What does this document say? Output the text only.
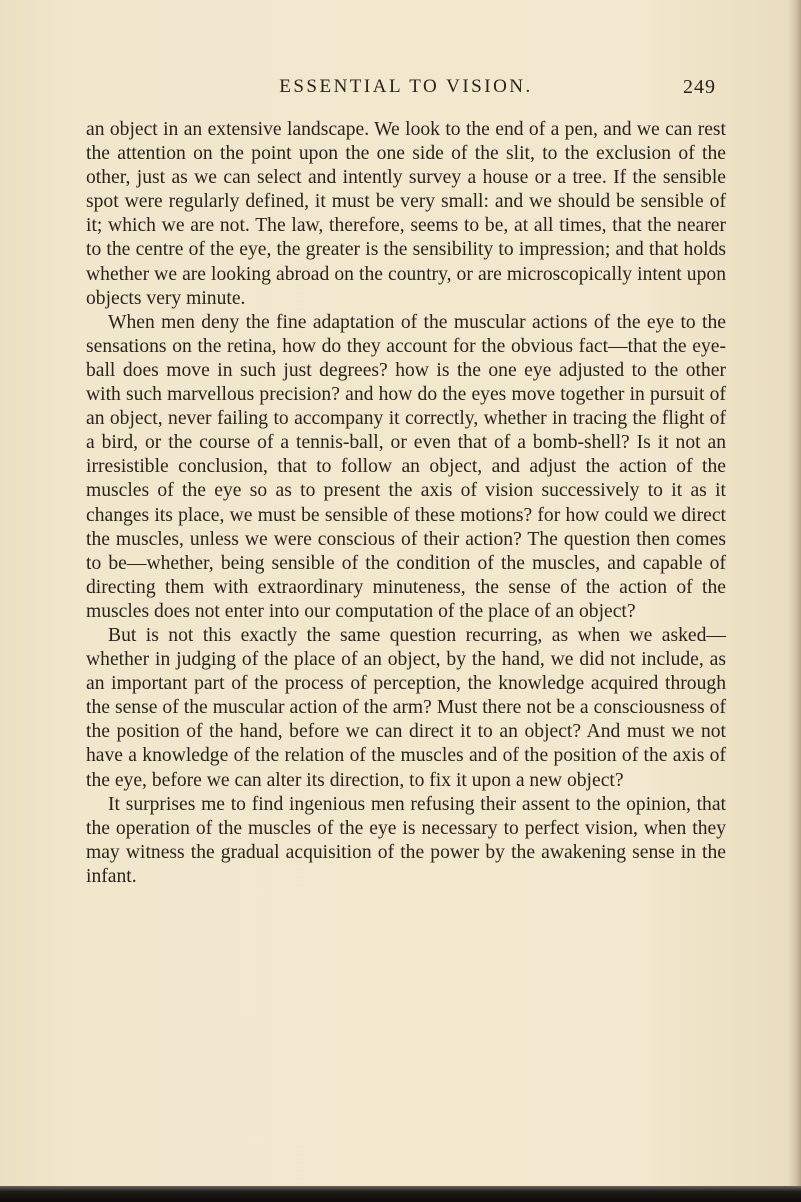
ESSENTIAL TO VISION.	249

an object in an extensive landscape. We look to the end of a pen, and we can rest the attention on the point upon the one side of the slit, to the exclusion of the other, just as we can select and intently survey a house or a tree. If the sensible spot were regularly defined, it must be very small: and we should be sensible of it; which we are not. The law, therefore, seems to be, at all times, that the nearer to the centre of the eye, the greater is the sensibility to impression; and that holds whether we are looking abroad on the country, or are microscopically intent upon objects very minute.

When men deny the fine adaptation of the muscular actions of the eye to the sensations on the retina, how do they account for the obvious fact—that the eye-ball does move in such just degrees? how is the one eye adjusted to the other with such marvellous precision? and how do the eyes move together in pursuit of an object, never failing to accompany it correctly, whether in tracing the flight of a bird, or the course of a tennis-ball, or even that of a bomb-shell? Is it not an irresistible conclusion, that to follow an object, and adjust the action of the muscles of the eye so as to present the axis of vision successively to it as it changes its place, we must be sensible of these motions? for how could we direct the muscles, unless we were conscious of their action? The question then comes to be—whether, being sensible of the condition of the muscles, and capable of directing them with extraordinary minuteness, the sense of the action of the muscles does not enter into our computation of the place of an object?

But is not this exactly the same question recurring, as when we asked—whether in judging of the place of an object, by the hand, we did not include, as an important part of the process of perception, the knowledge acquired through the sense of the muscular action of the arm? Must there not be a consciousness of the position of the hand, before we can direct it to an object? And must we not have a knowledge of the relation of the muscles and of the position of the axis of the eye, before we can alter its direction, to fix it upon a new object?

It surprises me to find ingenious men refusing their assent to the opinion, that the operation of the muscles of the eye is necessary to perfect vision, when they may witness the gradual acquisition of the power by the awakening sense in the infant.
